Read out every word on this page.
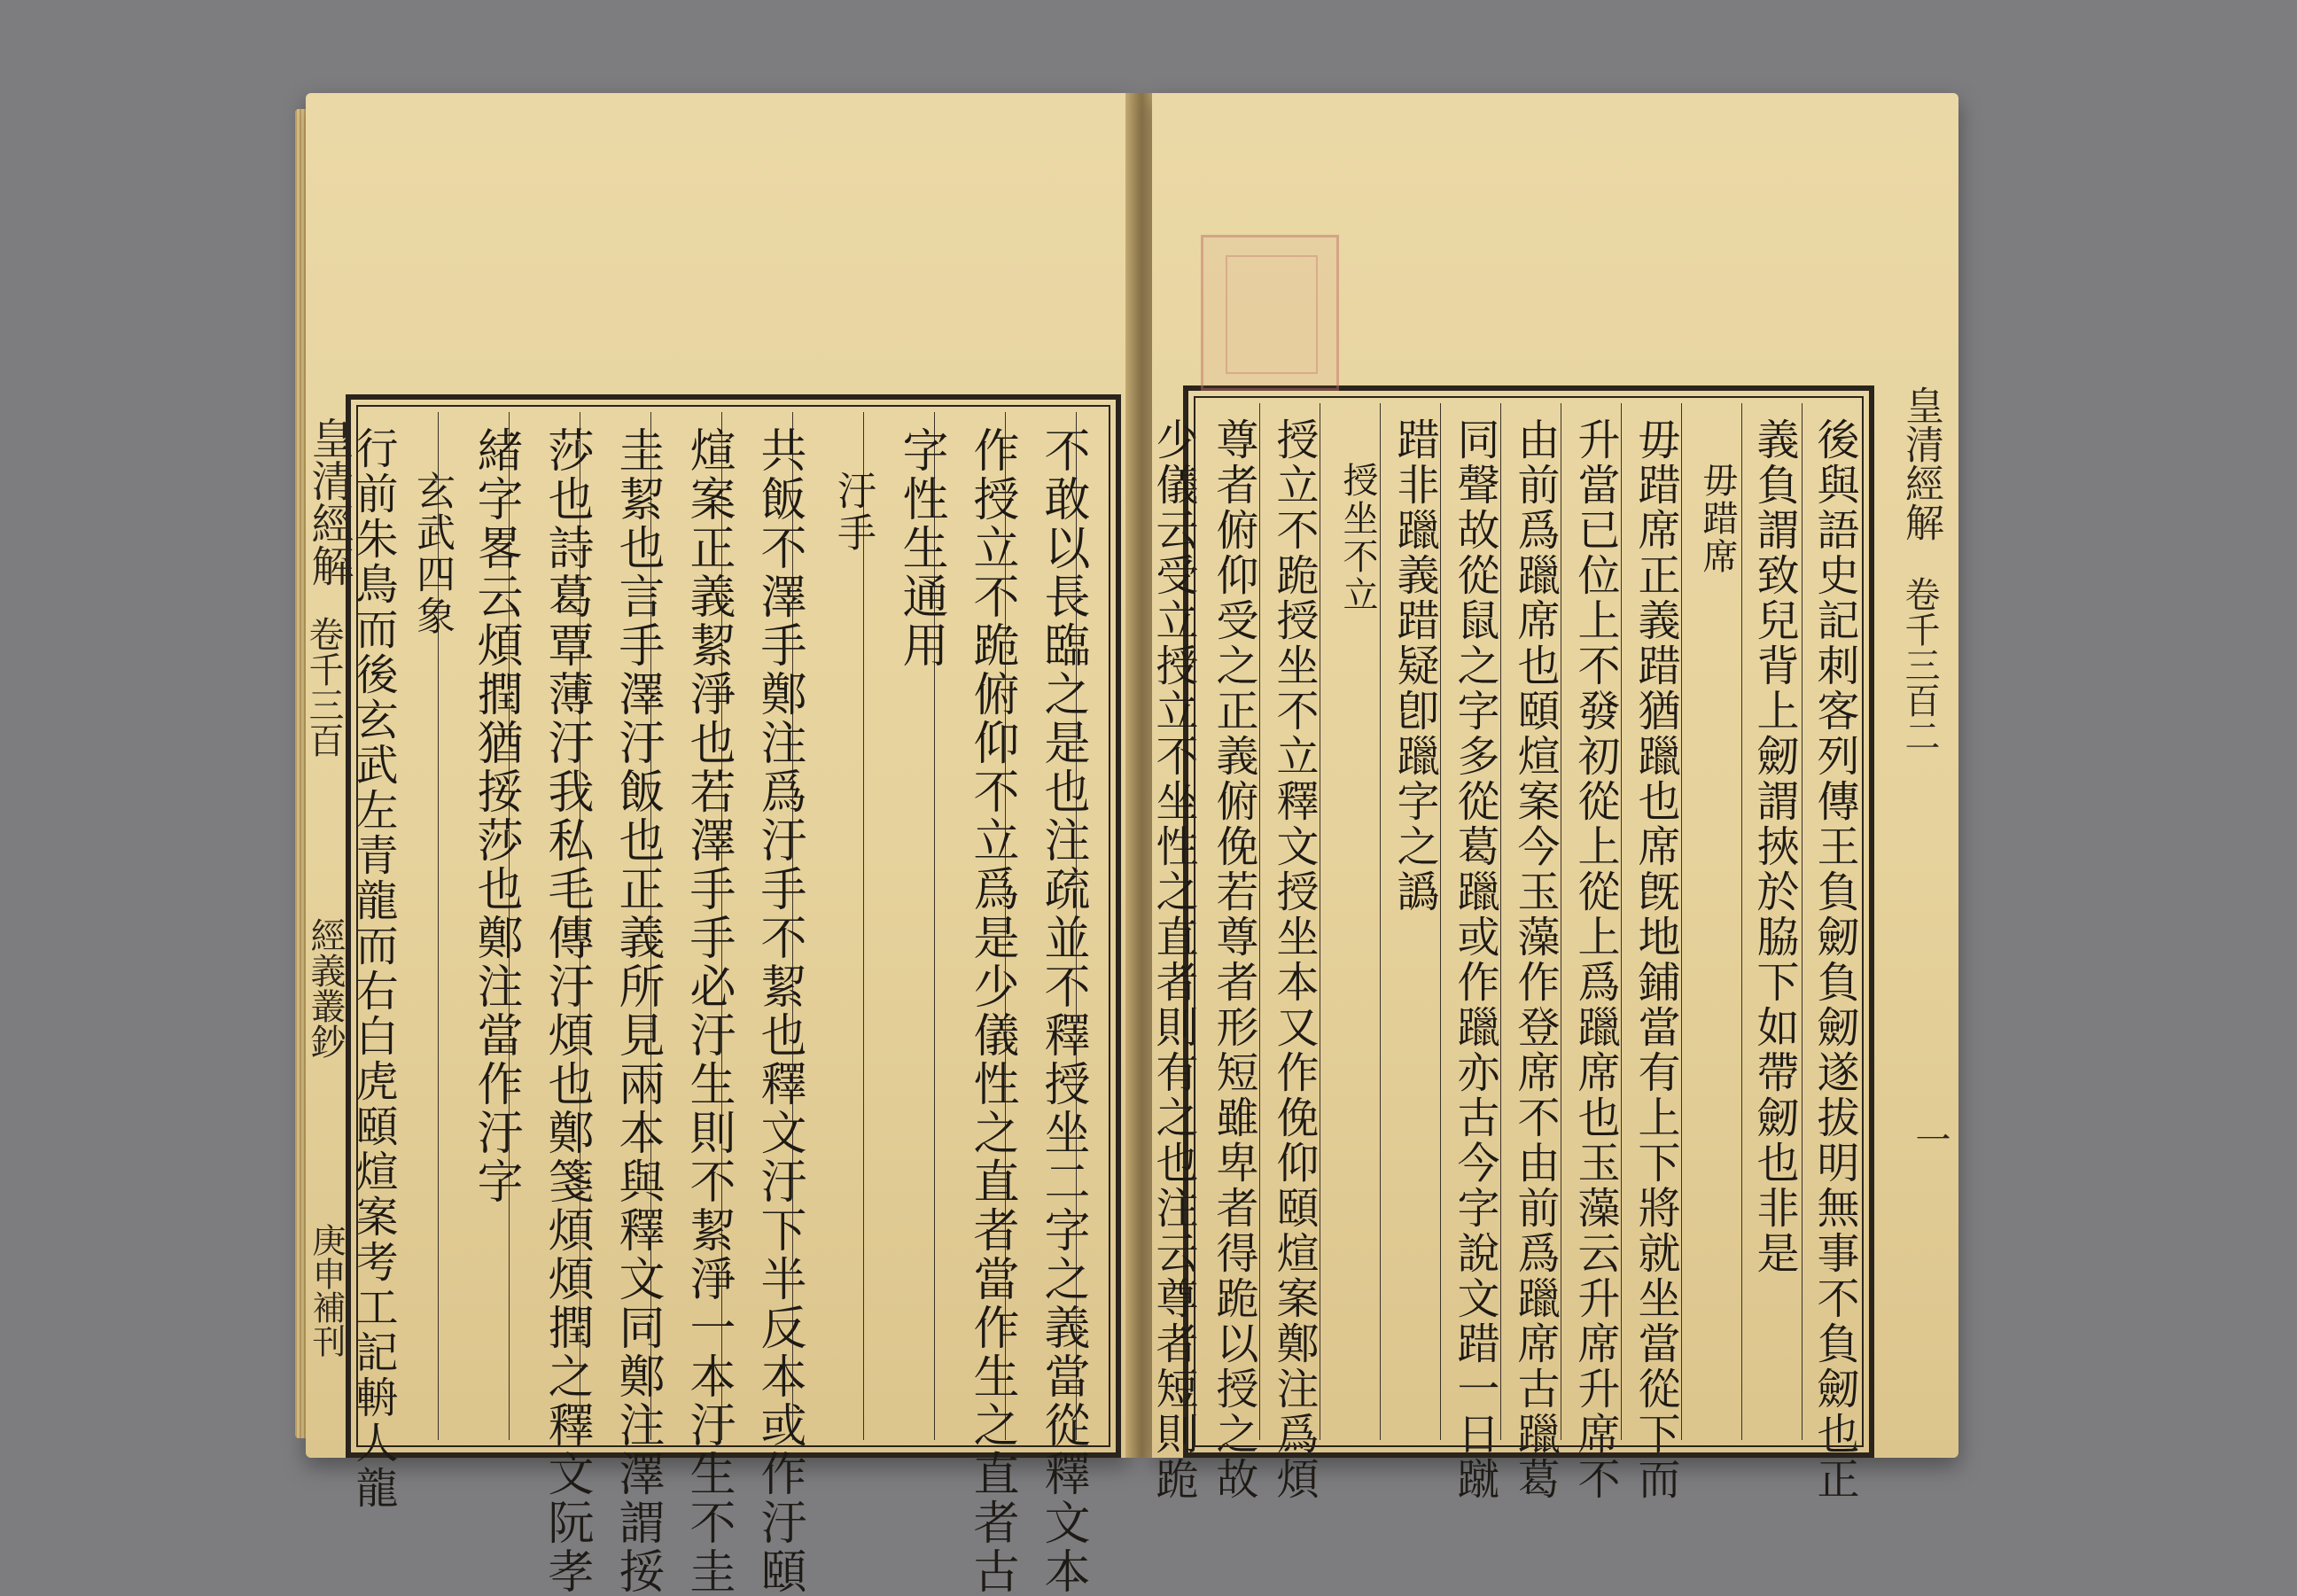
不敢以長臨之是也注疏並不釋授坐二字之義當從釋文本
作授立不跪俯仰不立爲是少儀性之直者當作生之直者古
字性生通用
汙手
共飯不澤手鄭注爲汙手不絜也釋文汙下半反本或作汙頤
煊案正義絜淨也若澤手手必汙生則不絜淨一本汙生不圭
圭絜也言手澤汙飯也正義所見兩本與釋文同鄭注澤謂挼
莎也詩葛覃薄汙我私毛傳汙煩也鄭箋煩煩撋之釋文阮孝
緒字畧云煩撋猶挼莎也鄭注當作汙字
玄武四象
行前朱鳥而後玄武左青龍而右白虎頤煊案考工記輈人龍
皇清經解
卷千三百
經義叢鈔
庚申補刊	後與語史記刺客列傳王負劒負劒遂拔明無事不負劒也正
義負謂致兒背上劒謂挾於脇下如帶劒也非是
毋踖席
毋踖席正義踖猶躐也席旣地鋪當有上下將就坐當從下而
升當已位上不發初從上從上爲躐席也玉藻云升席升席不
由前爲躐席也頤煊案今玉藻作登席不由前爲躐席古躐葛
同聲故從鼠之字多從葛躐或作躐亦古今字說文踖一日蹴
踖非躐義踖疑卽躐字之譌
授坐不立
授立不跪授坐不立釋文授坐本又作俛仰頤煊案鄭注爲煩
尊者俯仰受之正義俯俛若尊者形短雖卑者得跪以授之故
少儀云受立授立不坐性之直者則有之也注云尊者短則跪	皇清經解
卷千三百二
一
